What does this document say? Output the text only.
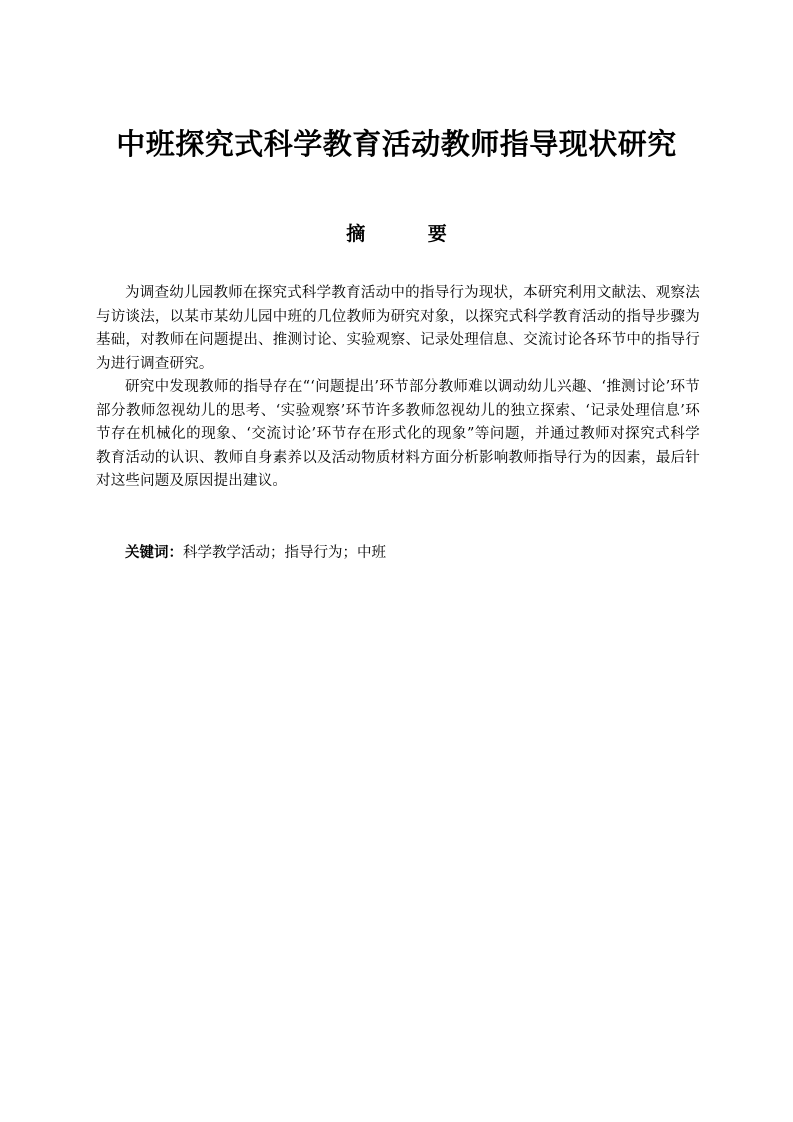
中班探究式科学教育活动教师指导现状研究
摘 要

为调查幼儿园教师在探究式科学教育活动中的指导行为现状，本研究利用文献法、观察法与访谈法，以某市某幼儿园中班的几位教师为研究对象，以探究式科学教育活动的指导步骤为基础，对教师在问题提出、推测讨论、实验观察、记录处理信息、交流讨论各环节中的指导行为进行调查研究。

研究中发现教师的指导存在“‘问题提出’环节部分教师难以调动幼儿兴趣、‘推测讨论’环节部分教师忽视幼儿的思考、‘实验观察’环节许多教师忽视幼儿的独立探索、‘记录处理信息’环节存在机械化的现象、‘交流讨论’环节存在形式化的现象”等问题，并通过教师对探究式科学教育活动的认识、教师自身素养以及活动物质材料方面分析影响教师指导行为的因素，最后针对这些问题及原因提出建议。

关键词：科学教学活动；指导行为；中班
